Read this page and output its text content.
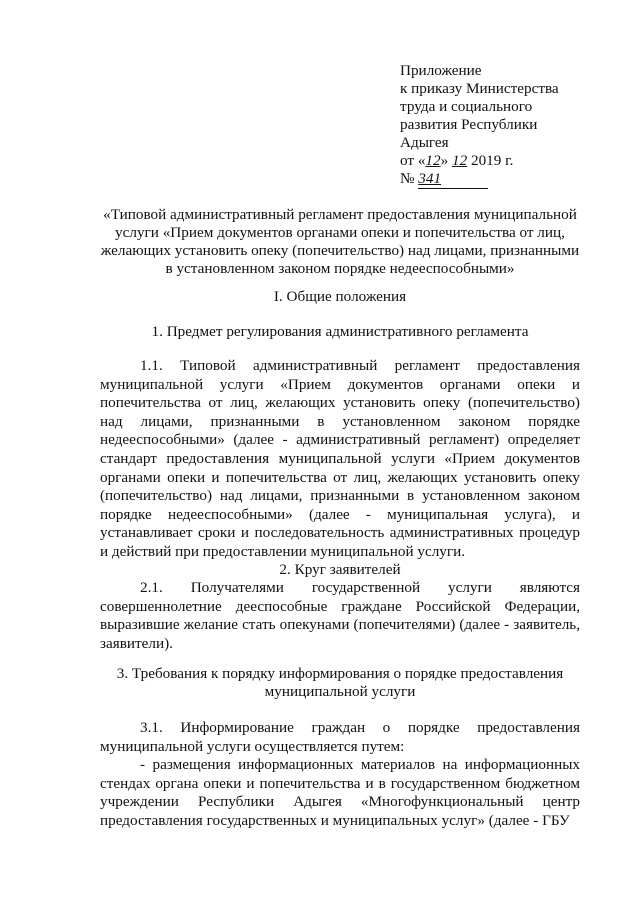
Приложение
к приказу Министерства
труда и социального
развития Республики
Адыгея
от «12» 12 2019 г.
№ 341
«Типовой административный регламент предоставления муниципальной услуги «Прием документов органами опеки и попечительства от лиц, желающих установить опеку (попечительство) над лицами, признанными в установленном законом порядке недееспособными»
I. Общие положения
1. Предмет регулирования административного регламента

1.1. Типовой административный регламент предоставления муниципальной услуги «Прием документов органами опеки и попечительства от лиц, желающих установить опеку (попечительство) над лицами, признанными в установленном законом порядке недееспособными» (далее - административный регламент) определяет стандарт предоставления муниципальной услуги «Прием документов органами опеки и попечительства от лиц, желающих установить опеку (попечительство) над лицами, признанными в установленном законом порядке недееспособными» (далее - муниципальная услуга), и устанавливает сроки и последовательность административных процедур и действий при предоставлении муниципальной услуги.

2. Круг заявителей

2.1. Получателями государственной услуги являются совершеннолетние дееспособные граждане Российской Федерации, выразившие желание стать опекунами (попечителями) (далее - заявитель, заявители).

3. Требования к порядку информирования о порядке предоставления
муниципальной услуги

3.1. Информирование граждан о порядке предоставления муниципальной услуги осуществляется путем:

- размещения информационных материалов на информационных стендах органа опеки и попечительства и в государственном бюджетном учреждении Республики Адыгея «Многофункциональный центр предоставления государственных и муниципальных услуг» (далее - ГБУ
